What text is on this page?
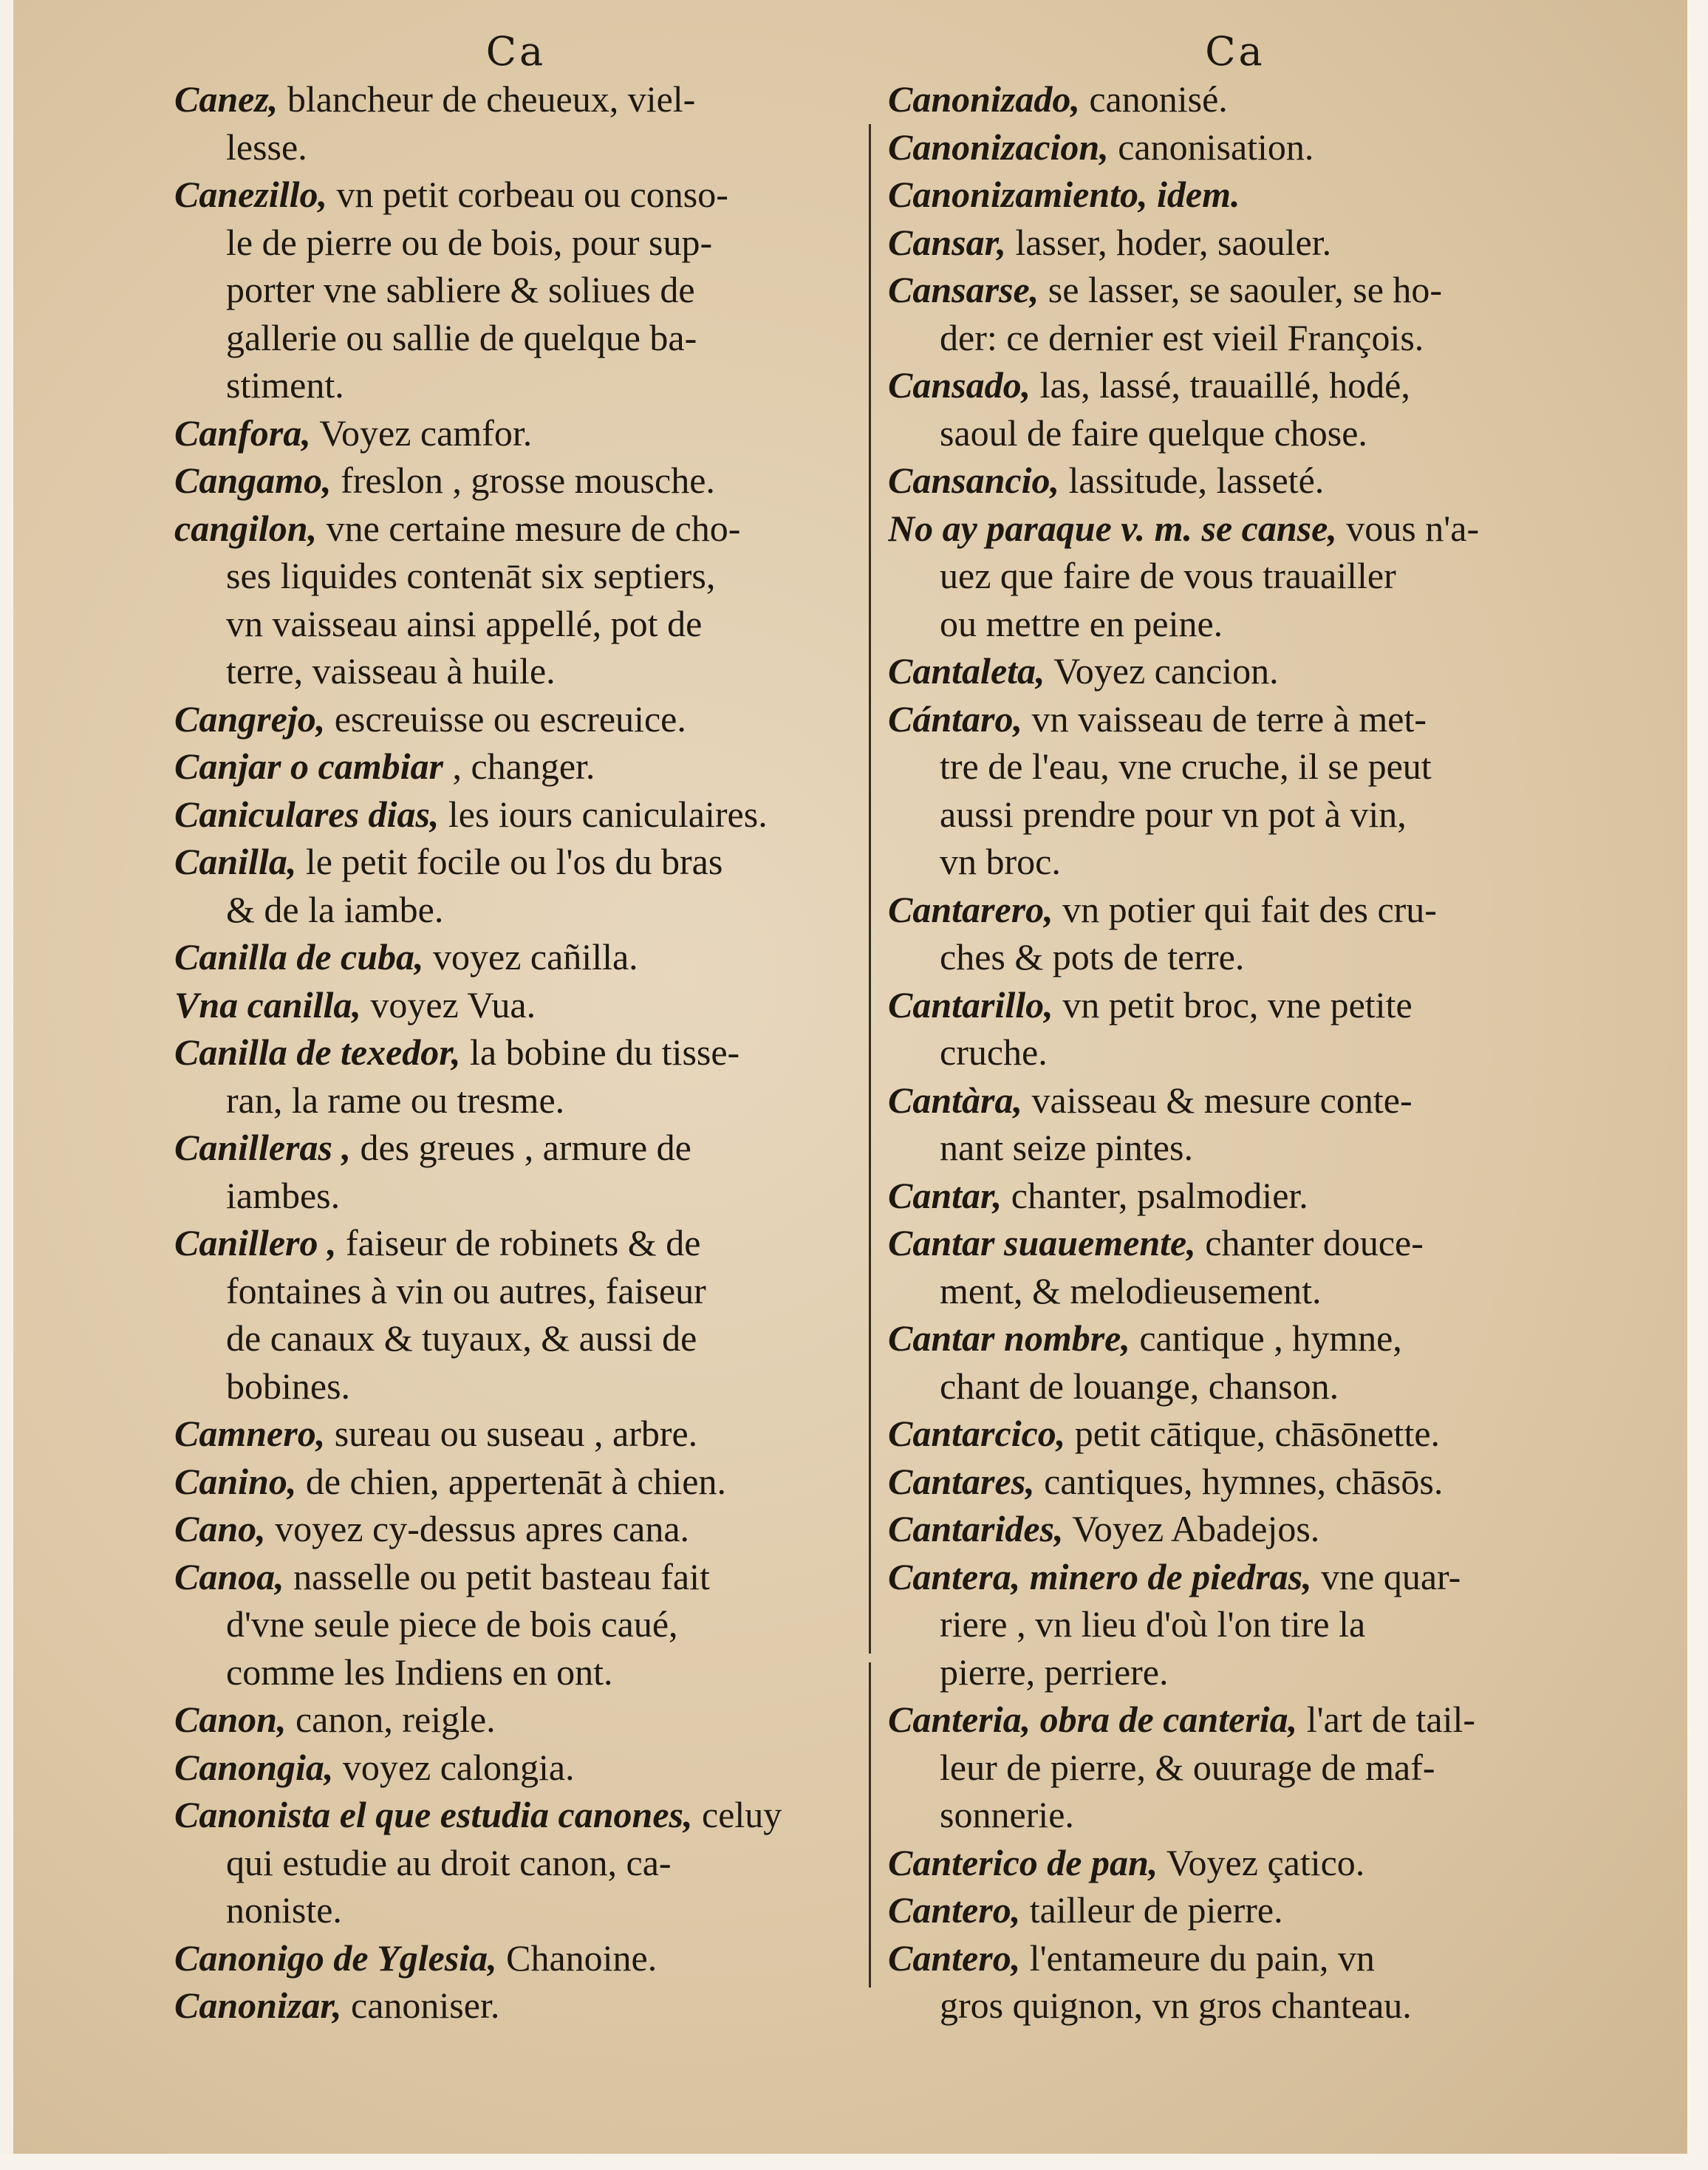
Ca
Canez, blancheur de cheueux, viel-
lesse.
Canezillo, vn petit corbeau ou conso-
le de pierre ou de bois, pour sup-
porter vne sabliere & soliues de
gallerie ou sallie de quelque ba-
stiment.
Canfora, Voyez camfor.
Cangamo, freslon , grosse mousche.
cangilon, vne certaine mesure de cho-
ses liquides contenāt six septiers,
vn vaisseau ainsi appellé, pot de
terre, vaisseau à huile.
Cangrejo, escreuisse ou escreuice.
Canjar o cambiar , changer.
Caniculares dias, les iours caniculaires.
Canilla, le petit focile ou l'os du bras
& de la iambe.
Canilla de cuba, voyez cañilla.
Vna canilla, voyez Vua.
Canilla de texedor, la bobine du tisse-
ran, la rame ou tresme.
Canilleras , des greues , armure de
iambes.
Canillero , faiseur de robinets & de
fontaines à vin ou autres, faiseur
de canaux & tuyaux, & aussi de
bobines.
Camnero, sureau ou suseau , arbre.
Canino, de chien, appertenāt à chien.
Cano, voyez cy-dessus apres cana.
Canoa, nasselle ou petit basteau fait
d'vne seule piece de bois caué,
comme les Indiens en ont.
Canon, canon, reigle.
Canongia, voyez calongia.
Canonista el que estudia canones, celuy
qui estudie au droit canon, ca-
noniste.
Canonigo de Yglesia, Chanoine.
Canonizar, canoniser.
Ca
Canonizado, canonisé.
Canonizacion, canonisation.
Canonizamiento, idem.
Cansar, lasser, hoder, saouler.
Cansarse, se lasser, se saouler, se ho-
der: ce dernier est vieil François.
Cansado, las, lassé, trauaillé, hodé,
saoul de faire quelque chose.
Cansancio, lassitude, lasseté.
No ay paraque v. m. se canse, vous n'a-
uez que faire de vous trauailler
ou mettre en peine.
Cantaleta, Voyez cancion.
Cántaro, vn vaisseau de terre à met-
tre de l'eau, vne cruche, il se peut
aussi prendre pour vn pot à vin,
vn broc.
Cantarero, vn potier qui fait des cru-
ches & pots de terre.
Cantarillo, vn petit broc, vne petite
cruche.
Cantàra, vaisseau & mesure conte-
nant seize pintes.
Cantar, chanter, psalmodier.
Cantar suauemente, chanter douce-
ment, & melodieusement.
Cantar nombre, cantique , hymne,
chant de louange, chanson.
Cantarcico, petit cātique, chāsōnette.
Cantares, cantiques, hymnes, chāsōs.
Cantarides, Voyez Abadejos.
Cantera, minero de piedras, vne quar-
riere , vn lieu d'où l'on tire la
pierre, perriere.
Canteria, obra de canteria, l'art de tail-
leur de pierre, & ouurage de maf-
sonnerie.
Canterico de pan, Voyez çatico.
Cantero, tailleur de pierre.
Cantero, l'entameure du pain, vn
gros quignon, vn gros chanteau.
